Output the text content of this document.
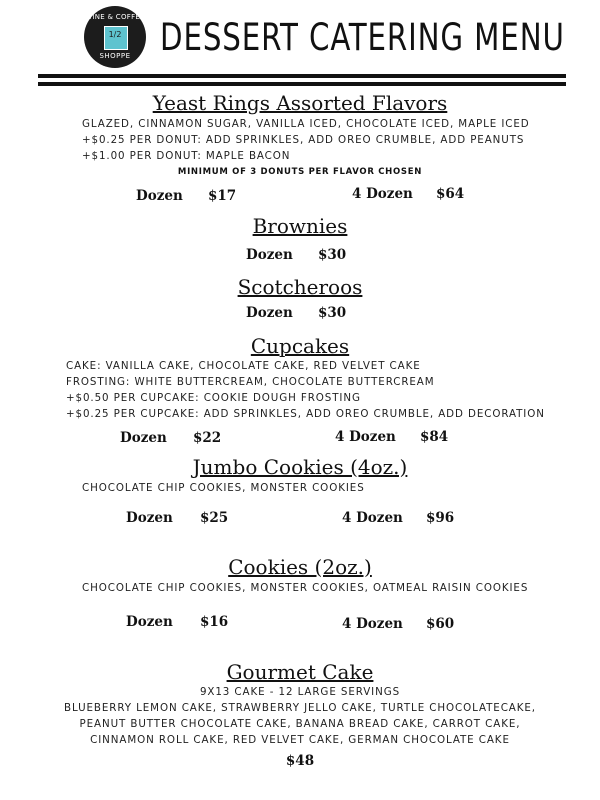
WINE & COFFEE
1/2
SHOPPE DESSERT CATERING MENU
Yeast Rings Assorted Flavors
GLAZED, CINNAMON SUGAR, VANILLA ICED, CHOCOLATE ICED, MAPLE ICED
+$0.25 PER DONUT: ADD SPRINKLES, ADD OREO CRUMBLE, ADD PEANUTS
+$1.00 PER DONUT: MAPLE BACON
MINIMUM OF 3 DONUTS PER FLAVOR CHOSEN
Dozen $17	4 Dozen $64
Brownies
Dozen $30
Scotcheroos
Dozen $30
Cupcakes
CAKE: VANILLA CAKE, CHOCOLATE CAKE, RED VELVET CAKE
FROSTING: WHITE BUTTERCREAM, CHOCOLATE BUTTERCREAM
+$0.50 PER CUPCAKE: COOKIE DOUGH FROSTING
+$0.25 PER CUPCAKE: ADD SPRINKLES, ADD OREO CRUMBLE, ADD DECORATION
Dozen $22	4 Dozen $84
Jumbo Cookies (4oz.)
CHOCOLATE CHIP COOKIES, MONSTER COOKIES
Dozen $25	4 Dozen $96
Cookies (2oz.)
CHOCOLATE CHIP COOKIES, MONSTER COOKIES, OATMEAL RAISIN COOKIES
Dozen $16	4 Dozen $60
Gourmet Cake
9X13 CAKE - 12 LARGE SERVINGS
BLUEBERRY LEMON CAKE, STRAWBERRY JELLO CAKE, TURTLE CHOCOLATECAKE,
PEANUT BUTTER CHOCOLATE CAKE, BANANA BREAD CAKE, CARROT CAKE,
CINNAMON ROLL CAKE, RED VELVET CAKE, GERMAN CHOCOLATE CAKE
$48
